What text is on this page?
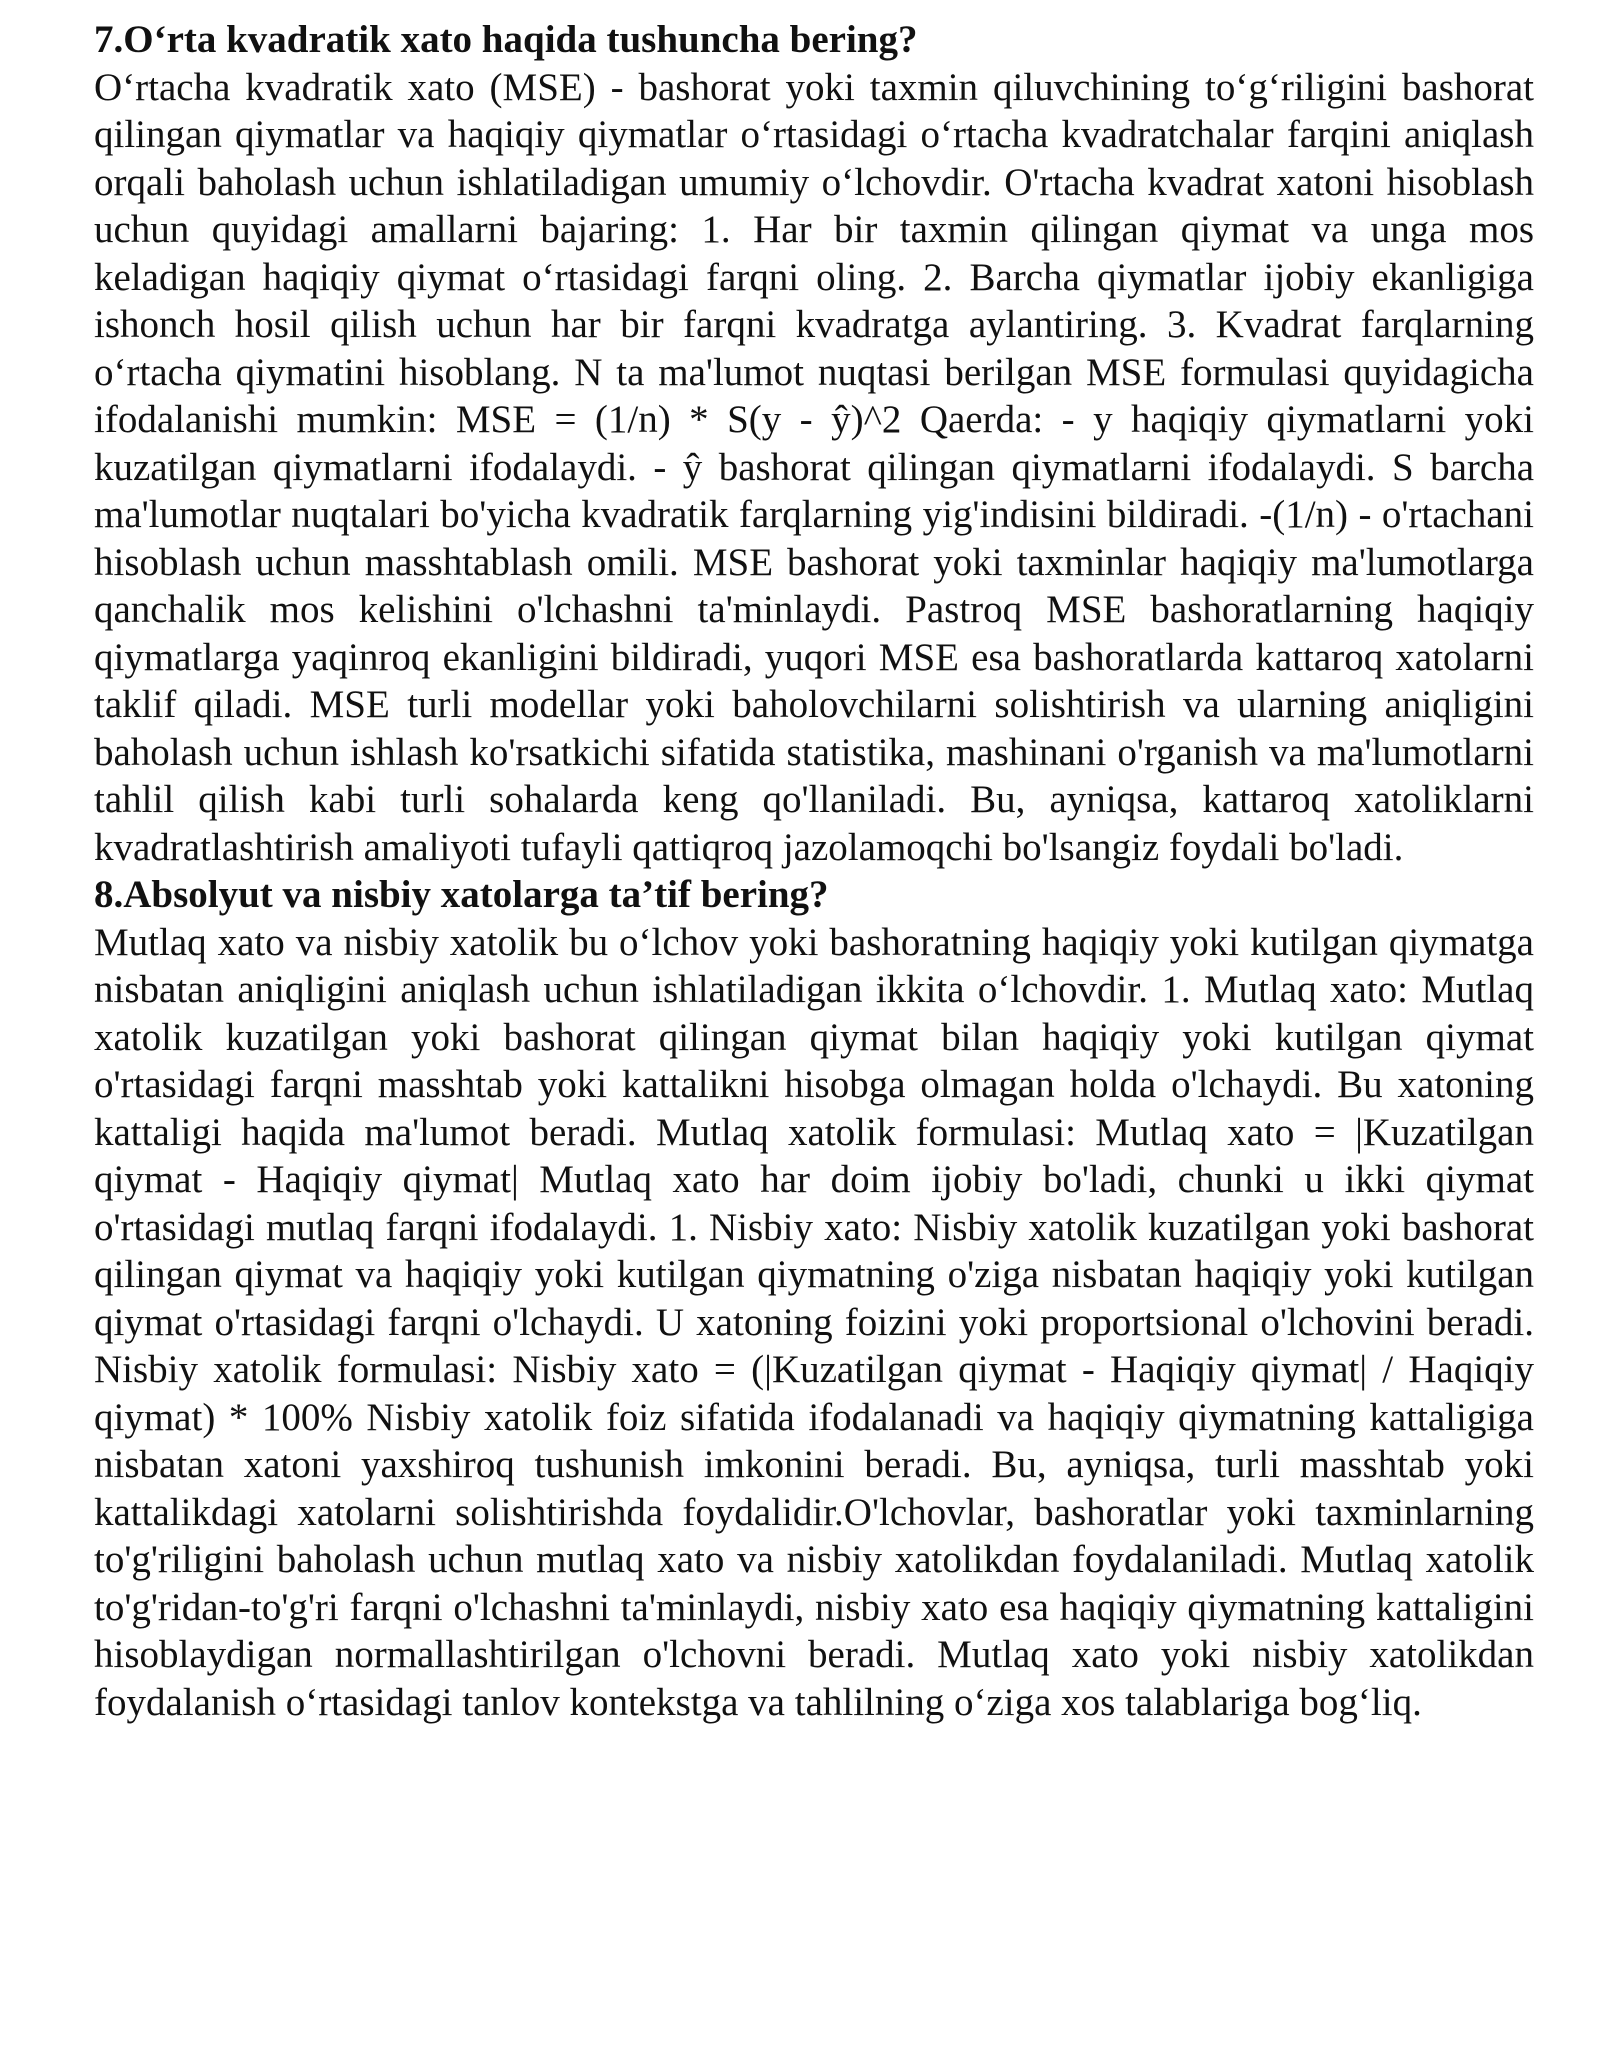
7.O‘rta kvadratik xato haqida tushuncha bering?

O‘rtacha kvadratik xato (MSE) - bashorat yoki taxmin qiluvchining to‘g‘riligini bashorat qilingan qiymatlar va haqiqiy qiymatlar o‘rtasidagi o‘rtacha kvadratchalar farqini aniqlash orqali baholash uchun ishlatiladigan umumiy o‘lchovdir. O'rtacha kvadrat xatoni hisoblash uchun quyidagi amallarni bajaring: 1. Har bir taxmin qilingan qiymat va unga mos keladigan haqiqiy qiymat o‘rtasidagi farqni oling. 2. Barcha qiymatlar ijobiy ekanligiga ishonch hosil qilish uchun har bir farqni kvadratga aylantiring. 3. Kvadrat farqlarning o‘rtacha qiymatini hisoblang. N ta ma'lumot nuqtasi berilgan MSE formulasi quyidagicha ifodalanishi mumkin: MSE = (1/n) * S(y - ŷ)^2 Qaerda: - y haqiqiy qiymatlarni yoki kuzatilgan qiymatlarni ifodalaydi. - ŷ bashorat qilingan qiymatlarni ifodalaydi. S barcha ma'lumotlar nuqtalari bo'yicha kvadratik farqlarning yig'indisini bildiradi. -(1/n) - o'rtachani hisoblash uchun masshtablash omili. MSE bashorat yoki taxminlar haqiqiy ma'lumotlarga qanchalik mos kelishini o'lchashni ta'minlaydi. Pastroq MSE bashoratlarning haqiqiy qiymatlarga yaqinroq ekanligini bildiradi, yuqori MSE esa bashoratlarda kattaroq xatolarni taklif qiladi. MSE turli modellar yoki baholovchilarni solishtirish va ularning aniqligini baholash uchun ishlash ko'rsatkichi sifatida statistika, mashinani o'rganish va ma'lumotlarni tahlil qilish kabi turli sohalarda keng qo'llaniladi. Bu, ayniqsa, kattaroq xatoliklarni kvadratlashtirish amaliyoti tufayli qattiqroq jazolamoqchi bo'lsangiz foydali bo'ladi.

8.Absolyut va nisbiy xatolarga ta’tif bering?

Mutlaq xato va nisbiy xatolik bu o‘lchov yoki bashoratning haqiqiy yoki kutilgan qiymatga nisbatan aniqligini aniqlash uchun ishlatiladigan ikkita o‘lchovdir. 1. Mutlaq xato: Mutlaq xatolik kuzatilgan yoki bashorat qilingan qiymat bilan haqiqiy yoki kutilgan qiymat o'rtasidagi farqni masshtab yoki kattalikni hisobga olmagan holda o'lchaydi. Bu xatoning kattaligi haqida ma'lumot beradi. Mutlaq xatolik formulasi: Mutlaq xato = |Kuzatilgan qiymat - Haqiqiy qiymat| Mutlaq xato har doim ijobiy bo'ladi, chunki u ikki qiymat o'rtasidagi mutlaq farqni ifodalaydi. 1. Nisbiy xato: Nisbiy xatolik kuzatilgan yoki bashorat qilingan qiymat va haqiqiy yoki kutilgan qiymatning o'ziga nisbatan haqiqiy yoki kutilgan qiymat o'rtasidagi farqni o'lchaydi. U xatoning foizini yoki proportsional o'lchovini beradi. Nisbiy xatolik formulasi: Nisbiy xato = (|Kuzatilgan qiymat - Haqiqiy qiymat| / Haqiqiy qiymat) * 100% Nisbiy xatolik foiz sifatida ifodalanadi va haqiqiy qiymatning kattaligiga nisbatan xatoni yaxshiroq tushunish imkonini beradi. Bu, ayniqsa, turli masshtab yoki kattalikdagi xatolarni solishtirishda foydalidir.O'lchovlar, bashoratlar yoki taxminlarning to'g'riligini baholash uchun mutlaq xato va nisbiy xatolikdan foydalaniladi. Mutlaq xatolik to'g'ridan-to'g'ri farqni o'lchashni ta'minlaydi, nisbiy xato esa haqiqiy qiymatning kattaligini hisoblaydigan normallashtirilgan o'lchovni beradi. Mutlaq xato yoki nisbiy xatolikdan foydalanish o‘rtasidagi tanlov kontekstga va tahlilning o‘ziga xos talablariga bog‘liq.
